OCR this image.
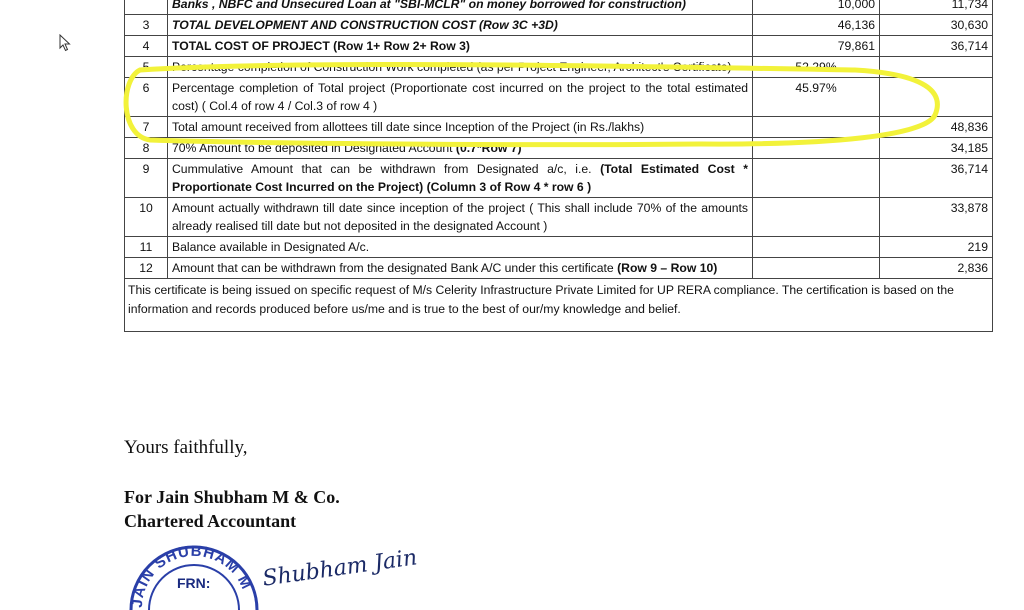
	Banks , NBFC and Unsecured Loan at "SBI-MCLR" on money borrowed for construction)	10,000	11,734
3	TOTAL DEVELOPMENT AND CONSTRUCTION COST (Row 3C +3D)	46,136	30,630
4	TOTAL COST OF PROJECT (Row 1+ Row 2+ Row 3)	79,861	36,714
5	Percentage completion of Construction Work completed (as per Project Engineer, Architect's Certificate)	52.29%	
6	Percentage completion of Total project (Proportionate cost incurred on the project to the total estimated cost) ( Col.4 of row 4 / Col.3 of row 4 )	45.97%	
7	Total amount received from allottees till date since Inception of the Project (in Rs./lakhs)		48,836
8	70% Amount to be deposited in Designated Account (0.7*Row 7)		34,185
9	Cummulative Amount that can be withdrawn from Designated a/c, i.e. (Total Estimated Cost * Proportionate Cost Incurred on the Project) (Column 3 of Row 4 * row 6 )		36,714
10	Amount actually withdrawn till date since inception of the project ( This shall include 70% of the amounts already realised till date but not deposited in the designated Account )		33,878
11	Balance available in Designated A/c.		219
12	Amount that can be withdrawn from the designated Bank A/C under this certificate (Row 9 – Row 10)		2,836
This certificate is being issued on specific request of M/s Celerity Infrastructure Private Limited for UP RERA compliance. The certification is based on the information and records produced before us/me and is true to the best of our/my knowledge and belief.			
Yours faithfully,
For Jain Shubham M & Co.
Chartered Accountant
JAIN SHUBHAM M
FRN: Shubham Jain
